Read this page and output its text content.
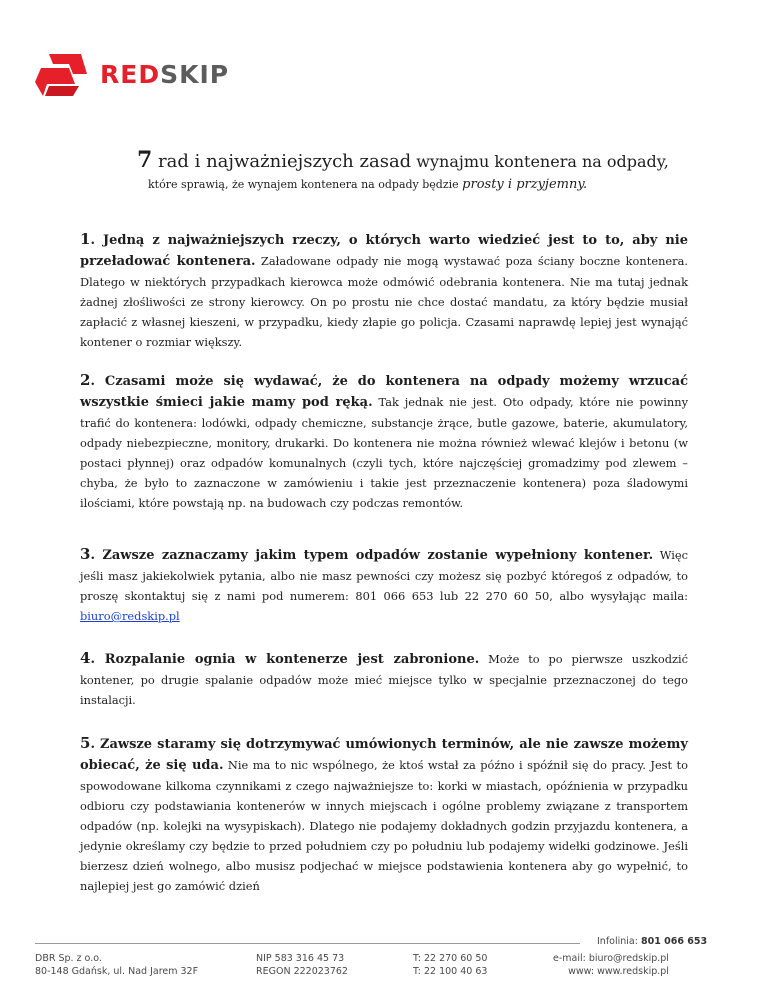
REDSKIP
7 rad i najważniejszych zasad wynajmu kontenera na odpady,
które sprawią, że wynajem kontenera na odpady będzie prosty i przyjemny.
1. Jedną z najważniejszych rzeczy, o których warto wiedzieć jest to to, aby nie przeładować kontenera. Załadowane odpady nie mogą wystawać poza ściany boczne kontenera. Dlatego w niektórych przypadkach kierowca może odmówić odebrania kontenera. Nie ma tutaj jednak żadnej złośliwości ze strony kierowcy. On po prostu nie chce dostać mandatu, za który będzie musiał zapłacić z własnej kieszeni, w przypadku, kiedy złapie go policja. Czasami naprawdę lepiej jest wynająć kontener o rozmiar większy.
2. Czasami może się wydawać, że do kontenera na odpady możemy wrzucać wszystkie śmieci jakie mamy pod ręką. Tak jednak nie jest. Oto odpady, które nie powinny trafić do kontenera: lodówki, odpady chemiczne, substancje żrące, butle gazowe, baterie, akumulatory, odpady niebezpieczne, monitory, drukarki. Do kontenera nie można również wlewać klejów i betonu (w postaci płynnej) oraz odpadów komunalnych (czyli tych, które najczęściej gromadzimy pod zlewem – chyba, że było to zaznaczone w zamówieniu i takie jest przeznaczenie kontenera) poza śladowymi ilościami, które powstają np. na budowach czy podczas remontów.
3. Zawsze zaznaczamy jakim typem odpadów zostanie wypełniony kontener. Więc jeśli masz jakiekolwiek pytania, albo nie masz pewności czy możesz się pozbyć któregoś z odpadów, to proszę skontaktuj się z nami pod numerem: 801 066 653 lub 22 270 60 50, albo wysyłając maila: biuro@redskip.pl
4. Rozpalanie ognia w kontenerze jest zabronione. Może to po pierwsze uszkodzić kontener, po drugie spalanie odpadów może mieć miejsce tylko w specjalnie przeznaczonej do tego instalacji.
5. Zawsze staramy się dotrzymywać umówionych terminów, ale nie zawsze możemy obiecać, że się uda. Nie ma to nic wspólnego, że ktoś wstał za późno i spóźnił się do pracy. Jest to spowodowane kilkoma czynnikami z czego najważniejsze to: korki w miastach, opóźnienia w przypadku odbioru czy podstawiania kontenerów w innych miejscach i ogólne problemy związane z transportem odpadów (np. kolejki na wysypiskach). Dlatego nie podajemy dokładnych godzin przyjazdu kontenera, a jedynie określamy czy będzie to przed południem czy po południu lub podajemy widełki godzinowe. Jeśli bierzesz dzień wolnego, albo musisz podjechać w miejsce podstawienia kontenera aby go wypełnić, to najlepiej jest go zamówić dzień
Infolinia: 801 066 653
DBR Sp. z o.o.
80-148 Gdańsk, ul. Nad Jarem 32F
NIP 583 316 45 73
REGON 222023762
T: 22 270 60 50
T: 22 100 40 63
e-mail: biuro@redskip.pl
www: www.redskip.pl
